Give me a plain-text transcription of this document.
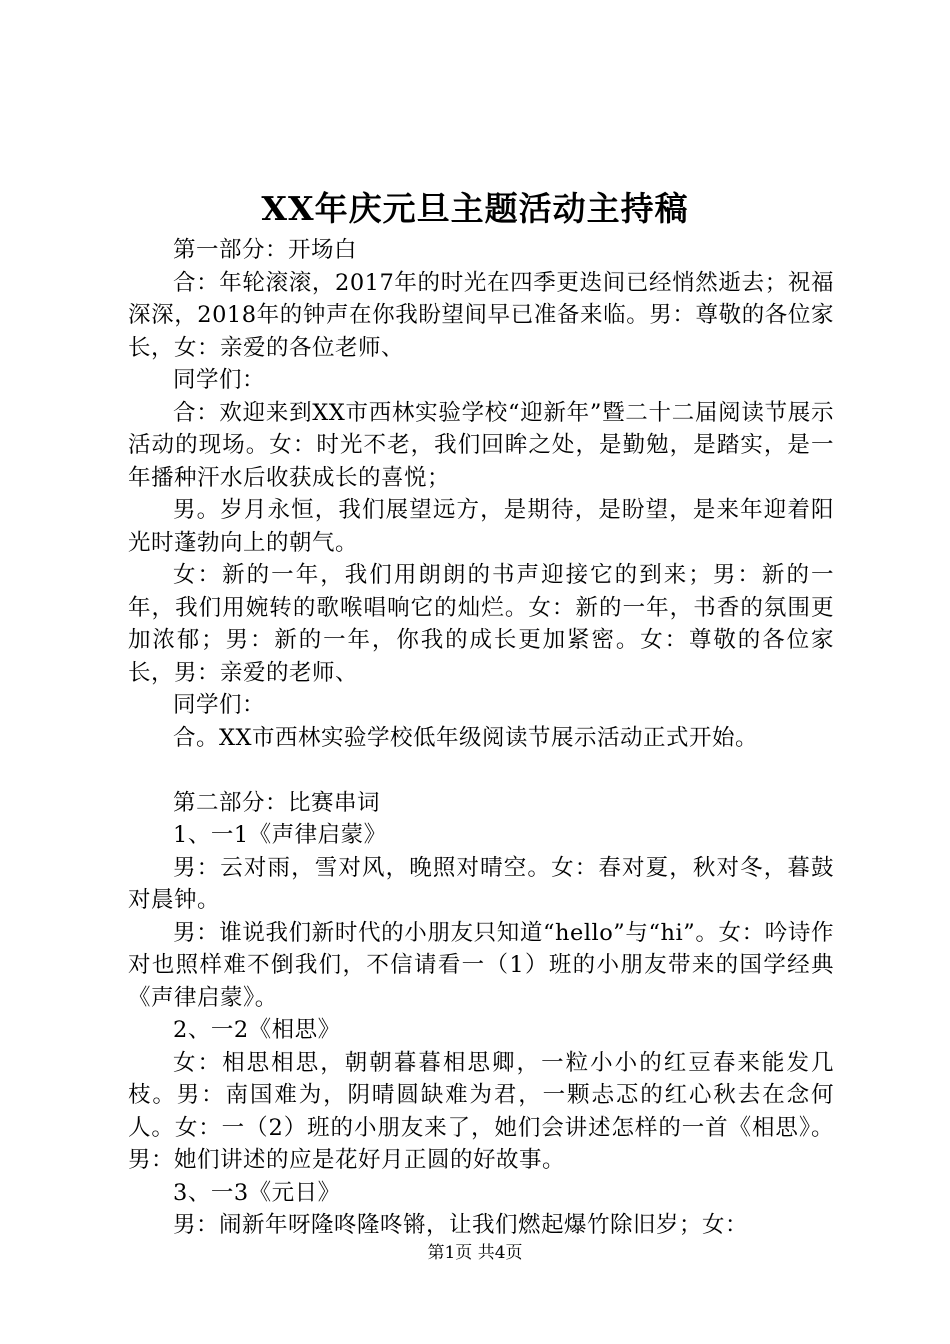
XX年庆元旦主题活动主持稿

第一部分：开场白

合：年轮滚滚，2017年的时光在四季更迭间已经悄然逝去；祝福深深，2018年的钟声在你我盼望间早已准备来临。男：尊敬的各位家长，女：亲爱的各位老师、

同学们：

合：欢迎来到XX市西林实验学校“迎新年”暨二十二届阅读节展示活动的现场。女：时光不老，我们回眸之处，是勤勉，是踏实，是一年播种汗水后收获成长的喜悦；

男。岁月永恒，我们展望远方，是期待，是盼望，是来年迎着阳光时蓬勃向上的朝气。

女：新的一年，我们用朗朗的书声迎接它的到来；男：新的一年，我们用婉转的歌喉唱响它的灿烂。女：新的一年，书香的氛围更加浓郁；男：新的一年，你我的成长更加紧密。女：尊敬的各位家长，男：亲爱的老师、

同学们：

合。XX市西林实验学校低年级阅读节展示活动正式开始。

第二部分：比赛串词

1、一1《声律启蒙》

男：云对雨，雪对风，晚照对晴空。女：春对夏，秋对冬，暮鼓对晨钟。

男：谁说我们新时代的小朋友只知道“hello”与“hi”。女：吟诗作对也照样难不倒我们，不信请看一（1）班的小朋友带来的国学经典《声律启蒙》。

2、一2《相思》

女：相思相思，朝朝暮暮相思卿，一粒小小的红豆春来能发几枝。男：南国难为，阴晴圆缺难为君，一颗忐忑的红心秋去在念何人。女：一（2）班的小朋友来了，她们会讲述怎样的一首《相思》。男：她们讲述的应是花好月正圆的好故事。

3、一3《元日》

男：闹新年呀隆咚隆咚锵，让我们燃起爆竹除旧岁；女：

第1页 共4页
